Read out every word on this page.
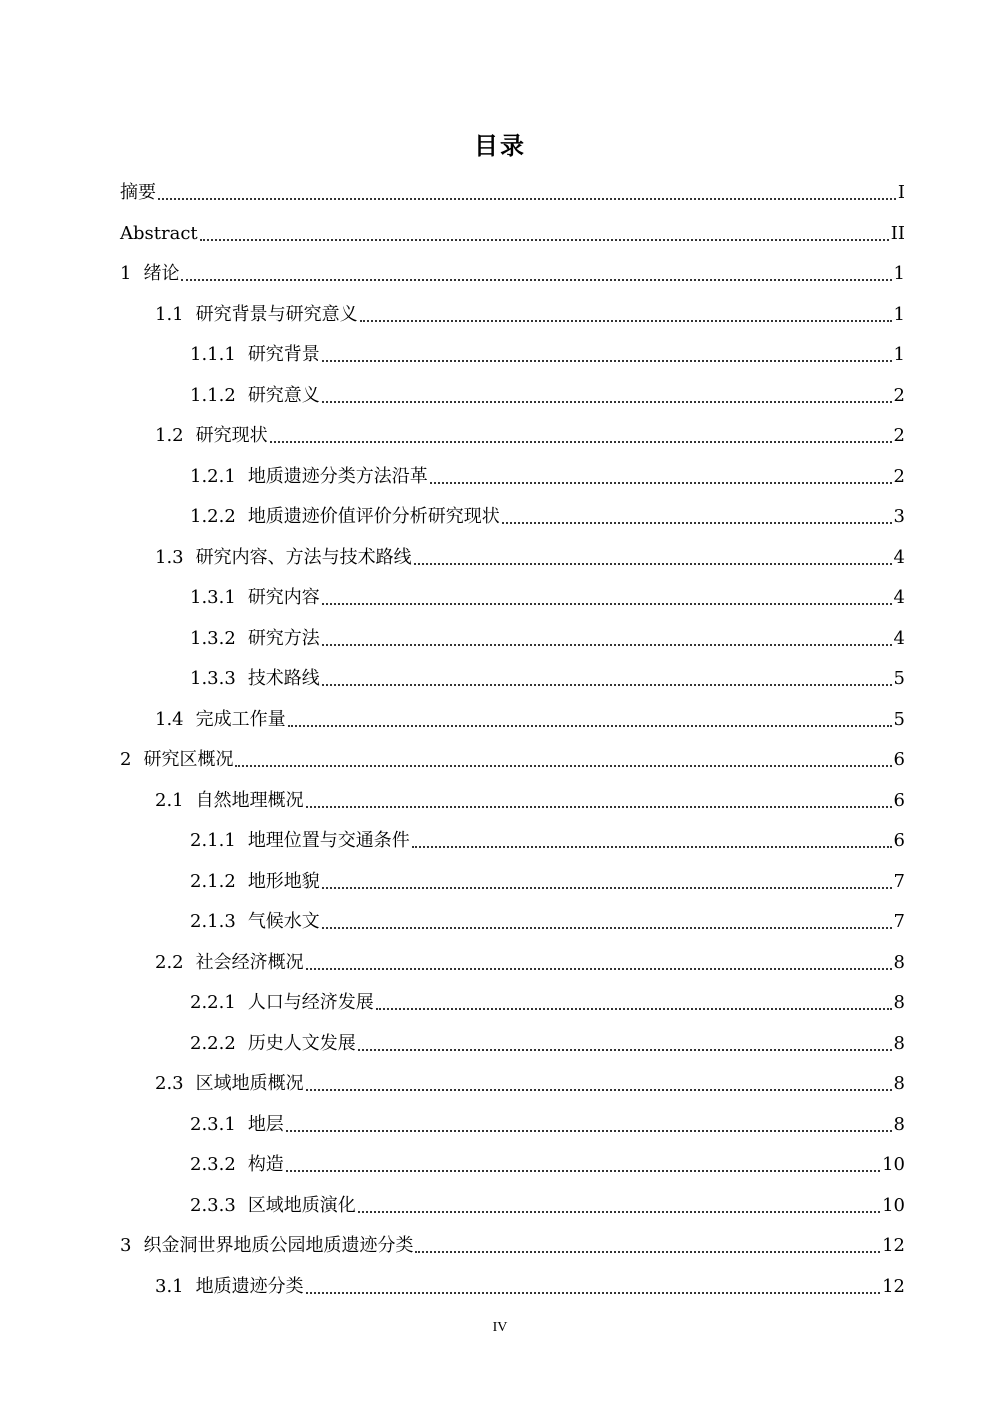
目录
摘要	I
Abstract	II
1 绪论	1
1.1 研究背景与研究意义	1
1.1.1 研究背景	1
1.1.2 研究意义	2
1.2 研究现状	2
1.2.1 地质遗迹分类方法沿革	2
1.2.2 地质遗迹价值评价分析研究现状	3
1.3 研究内容、方法与技术路线	4
1.3.1 研究内容	4
1.3.2 研究方法	4
1.3.3 技术路线	5
1.4 完成工作量	5
2 研究区概况	6
2.1 自然地理概况	6
2.1.1 地理位置与交通条件	6
2.1.2 地形地貌	7
2.1.3 气候水文	7
2.2 社会经济概况	8
2.2.1 人口与经济发展	8
2.2.2 历史人文发展	8
2.3 区域地质概况	8
2.3.1 地层	8
2.3.2 构造	10
2.3.3 区域地质演化	10
3 织金洞世界地质公园地质遗迹分类	12
3.1 地质遗迹分类	12
IV
